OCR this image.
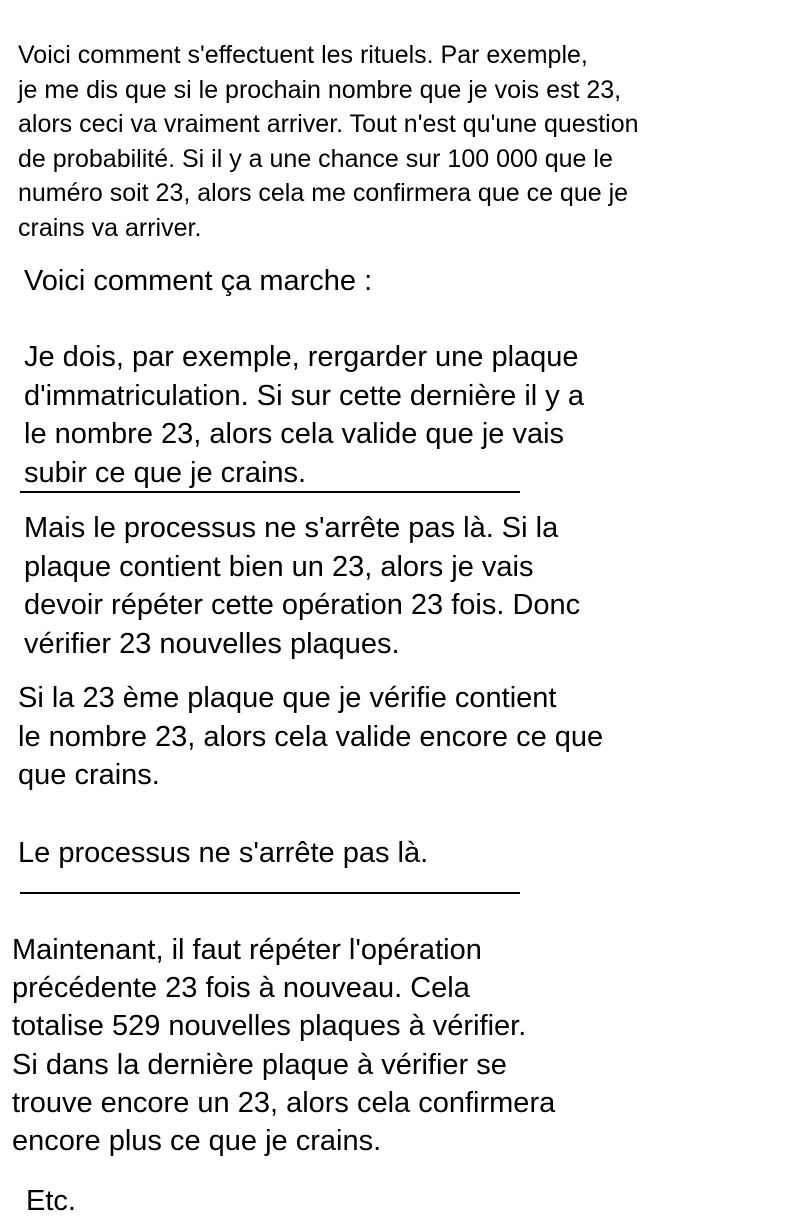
Voici comment s'effectuent les rituels. Par exemple,
je me dis que si le prochain nombre que je vois est 23,
alors ceci va vraiment arriver. Tout n'est qu'une question
de probabilité. Si il y a une chance sur 100 000 que le
numéro soit 23, alors cela me confirmera que ce que je
crains va arriver.
Voici comment ça marche :
Je dois, par exemple, rergarder une plaque
d'immatriculation. Si sur cette dernière il y a
le nombre 23, alors cela valide que je vais
subir ce que je crains.
Mais le processus ne s'arrête pas là. Si la
plaque contient bien un 23, alors je vais
devoir répéter cette opération 23 fois. Donc
vérifier 23 nouvelles plaques.
Si la 23 ème plaque que je vérifie contient
le nombre 23, alors cela valide encore ce que
que crains.
Le processus ne s'arrête pas là.
Maintenant, il faut répéter l'opération
précédente 23 fois à nouveau. Cela
totalise 529 nouvelles plaques à vérifier.
Si dans la dernière plaque à vérifier se
trouve encore un 23, alors cela confirmera
encore plus ce que je crains.
Etc.
